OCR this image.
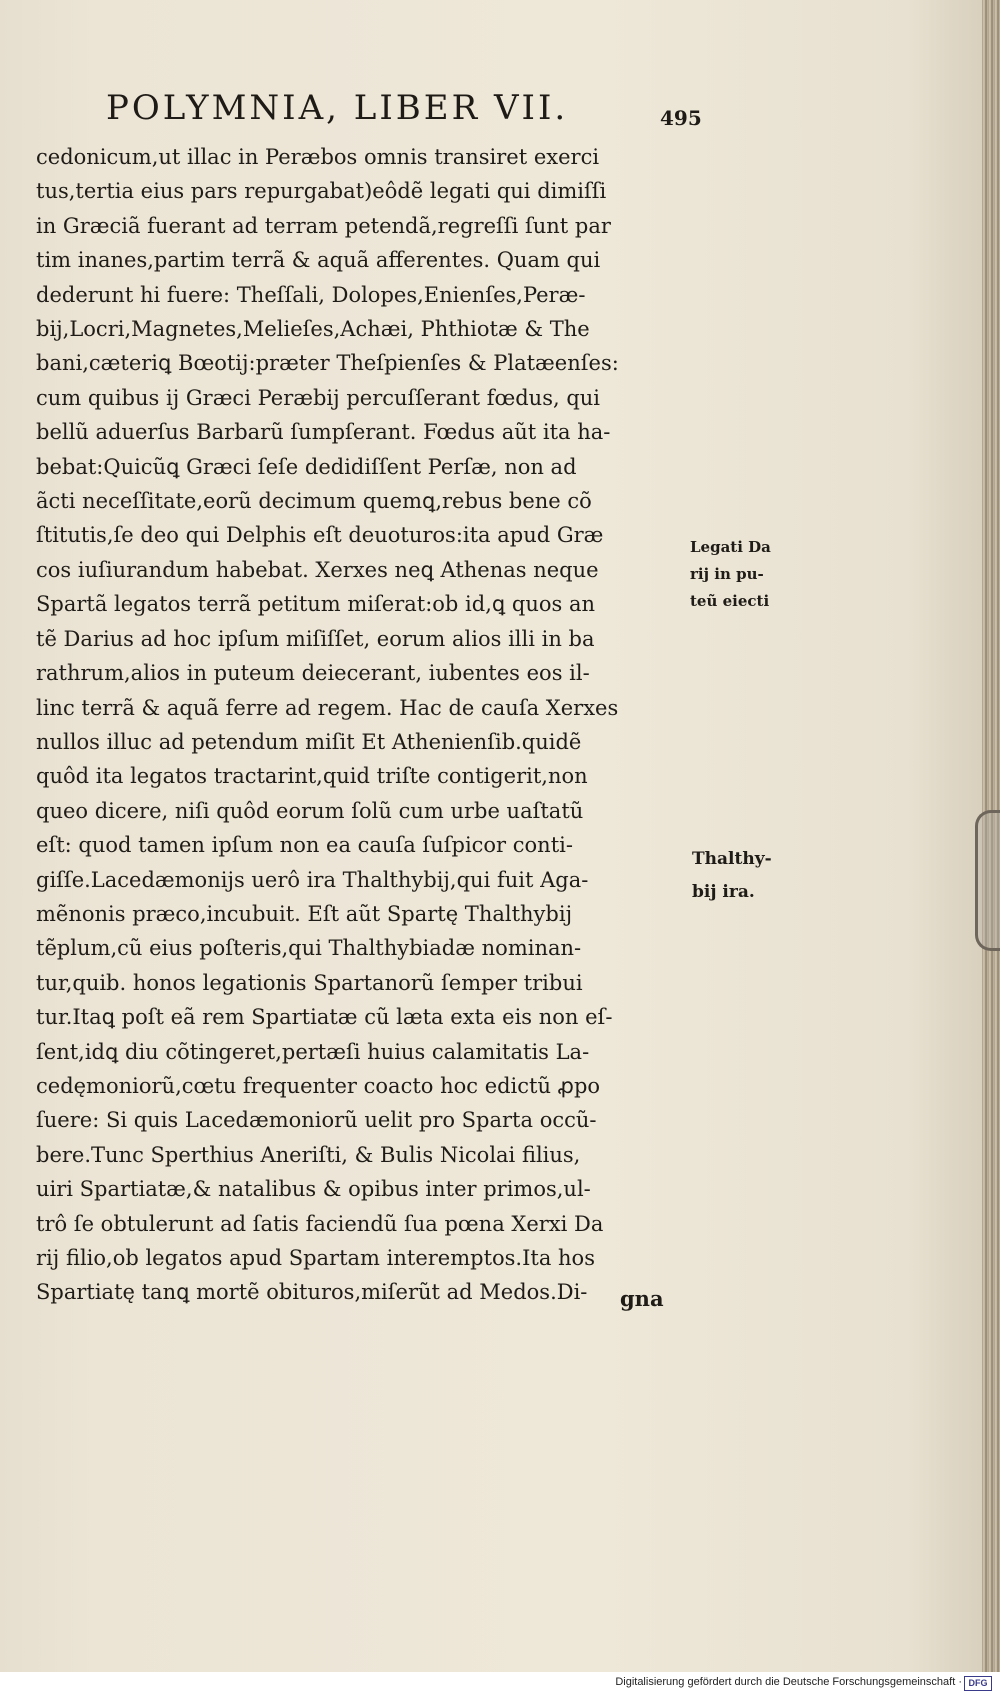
POLYMNIA, LIBER VII.	495
cedonicum,ut illac in Peræbos omnis transiret exerci
tus,tertia eius pars repurgabat)eôdẽ legati qui dimiſſi
in Græciã fuerant ad terram petendã,regreſſi ſunt par
tim inanes,partim terrã & aquã afferentes. Quam qui
dederunt hi fuere: Theſſali, Dolopes,Enienſes,Peræ-
bij,Locri,Magnetes,Melieſes,Achæi, Phthiotæ & The
bani,cæteriꝗ Bœotij:præter Theſpienſes & Platæenſes:
cum quibus ij Græci Peræbij percuſſerant fœdus, qui
bellũ aduerſus Barbarũ ſumpſerant. Fœdus aũt ita ha-
bebat:Quicũꝗ Græci ſeſe dedidiſſent Perſæ, non ad
ãcti neceſſitate,eorũ decimum quemꝗ,rebus bene cõ
ſtitutis,ſe deo qui Delphis eſt deuoturos:ita apud Græ
cos iuſiurandum habebat. Xerxes neꝗ Athenas neque
Spartã legatos terrã petitum miſerat:ob id,ꝗ quos an
tẽ Darius ad hoc ipſum miſiſſet, eorum alios illi in ba
rathrum,alios in puteum deiecerant, iubentes eos il-
linc terrã & aquã ferre ad regem. Hac de cauſa Xerxes
nullos illuc ad petendum miſit Et Athenienſib.quidẽ
quôd ita legatos tractarint,quid triſte contigerit,non
queo dicere, niſi quôd eorum ſolũ cum urbe uaſtatũ
eſt: quod tamen ipſum non ea cauſa ſuſpicor conti-
giſſe.Lacedæmonijs uerô ira Thalthybij,qui fuit Aga-
mẽnonis præco,incubuit. Eſt aũt Spartę Thalthybij
tẽplum,cũ eius poſteris,qui Thalthybiadæ nominan-
tur,quib. honos legationis Spartanorũ ſemper tribui
tur.Itaꝗ poſt eã rem Spartiatæ cũ læta exta eis non eſ-
ſent,idꝗ diu cõtingeret,pertæſi huius calamitatis La-
cedęmoniorũ,cœtu frequenter coacto hoc edictũ ꝓpo
ſuere: Si quis Lacedæmoniorũ uelit pro Sparta occũ-
bere.Tunc Sperthius Aneriſti, & Bulis Nicolai filius,
uiri Spartiatæ,& natalibus & opibus inter primos,ul-
trô ſe obtulerunt ad ſatis faciendũ ſua pœna Xerxi Da
rij filio,ob legatos apud Spartam interemptos.Ita hos
Spartiatę tanꝗ mortẽ obituros,miſerũt ad Medos.Di-	gna
Legati Da
rij in pu-
teũ eiecti
Thalthy-
bij ira.
Digitalisierung gefördert durch die Deutsche Forschungsgemeinschaft · DFG
